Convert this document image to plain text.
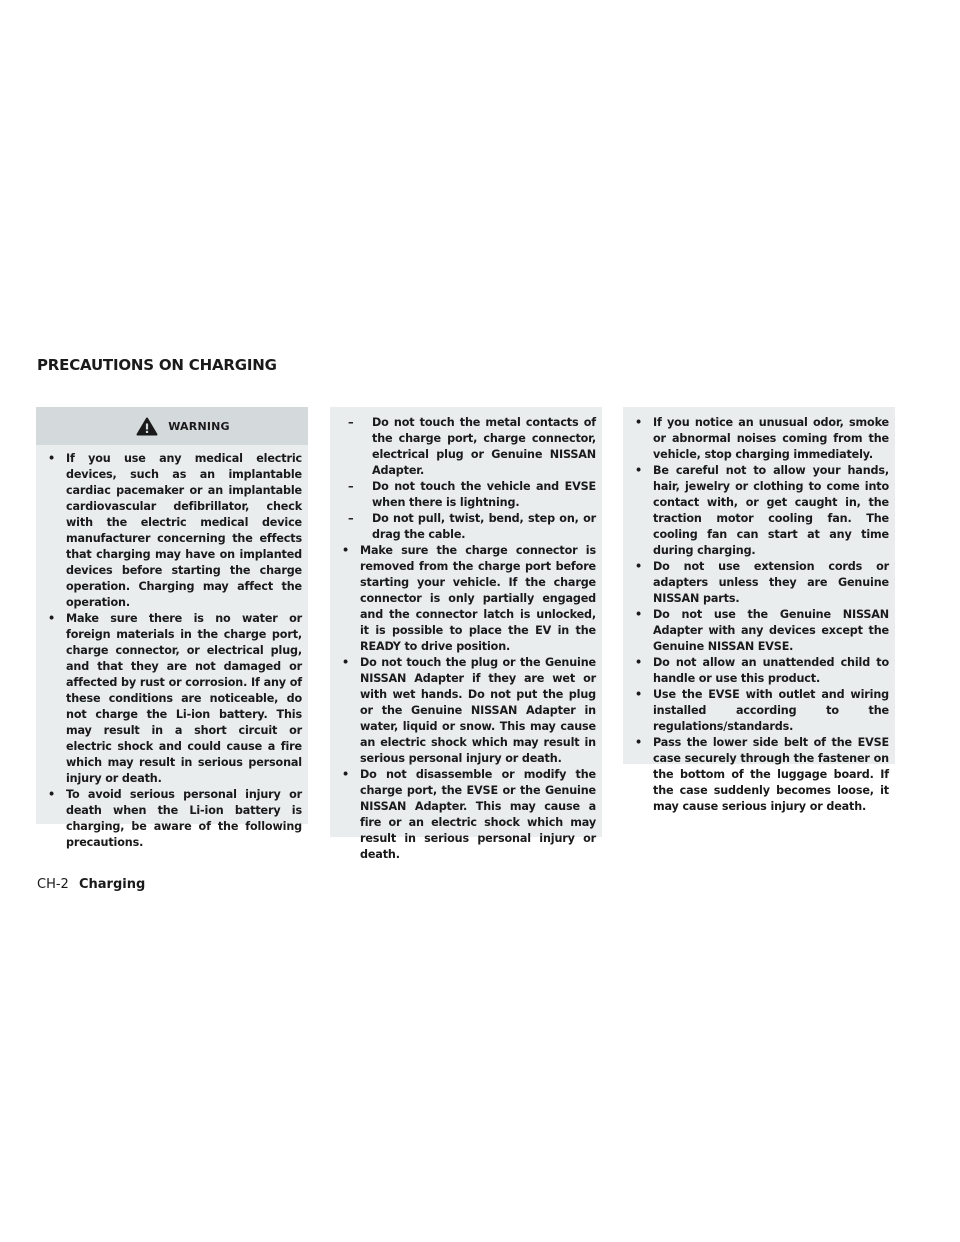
PRECAUTIONS ON CHARGING
WARNING
• If you use any medical electric devices, such as an implantable cardiac pacemaker or an implantable cardiovascular defibrillator, check with the electric medical device manufacturer concerning the effects that charging may have on implanted devices before starting the charge operation. Charging may affect the operation.
• Make sure there is no water or foreign materials in the charge port, charge connector, or electrical plug, and that they are not damaged or affected by rust or corrosion. If any of these conditions are noticeable, do not charge the Li-ion battery. This may result in a short circuit or electric shock and could cause a fire which may result in serious personal injury or death.
• To avoid serious personal injury or death when the Li-ion battery is charging, be aware of the following precautions.
–	Do not touch the metal contacts of the charge port, charge connector, electrical plug or Genuine NISSAN Adapter.
–	Do not touch the vehicle and EVSE when there is lightning.
–	Do not pull, twist, bend, step on, or drag the cable.
• Make sure the charge connector is removed from the charge port before starting your vehicle. If the charge connector is only partially engaged and the connector latch is unlocked, it is possible to place the EV in the READY to drive position.
• Do not touch the plug or the Genuine NISSAN Adapter if they are wet or with wet hands. Do not put the plug or the Genuine NISSAN Adapter in water, liquid or snow. This may cause an electric shock which may result in serious personal injury or death.
• Do not disassemble or modify the charge port, the EVSE or the Genuine NISSAN Adapter. This may cause a fire or an electric shock which may result in serious personal injury or death.
• If you notice an unusual odor, smoke or abnormal noises coming from the vehicle, stop charging immediately.
• Be careful not to allow your hands, hair, jewelry or clothing to come into contact with, or get caught in, the traction motor cooling fan. The cooling fan can start at any time during charging.
• Do not use extension cords or adapters unless they are Genuine NISSAN parts.
• Do not use the Genuine NISSAN Adapter with any devices except the Genuine NISSAN EVSE.
• Do not allow an unattended child to handle or use this product.
• Use the EVSE with outlet and wiring installed according to the regulations/standards.
• Pass the lower side belt of the EVSE case securely through the fastener on the bottom of the luggage board. If the case suddenly becomes loose, it may cause serious injury or death.
CH-2 Charging
